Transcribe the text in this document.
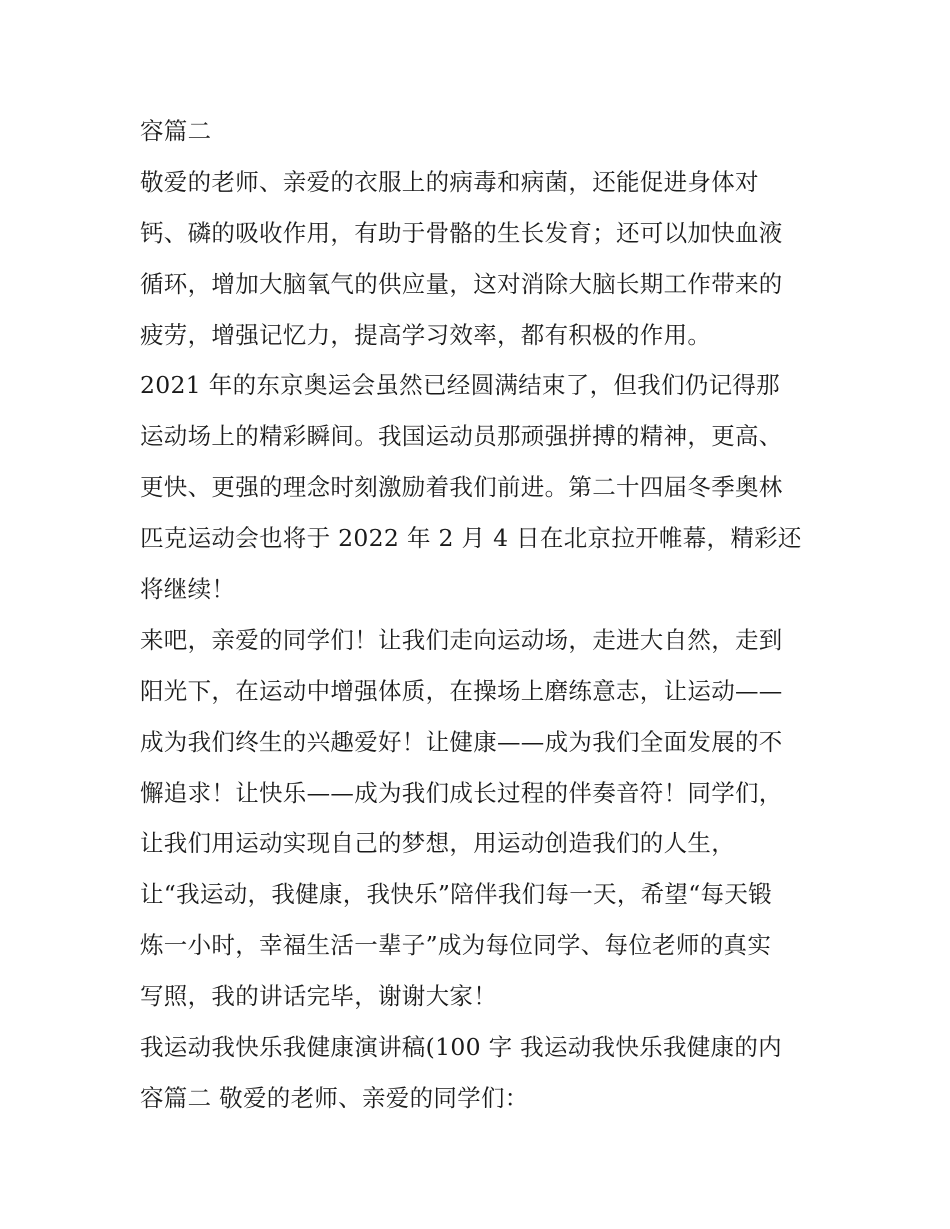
容篇二
敬爱的老师、亲爱的衣服上的病毒和病菌，还能促进身体对
钙、磷的吸收作用，有助于骨骼的生长发育；还可以加快血液
循环，增加大脑氧气的供应量，这对消除大脑长期工作带来的
疲劳，增强记忆力，提高学习效率，都有积极的作用。
2021 年的东京奥运会虽然已经圆满结束了，但我们仍记得那
运动场上的精彩瞬间。我国运动员那顽强拼搏的精神，更高、
更快、更强的理念时刻激励着我们前进。第二十四届冬季奥林
匹克运动会也将于 2022 年 2 月 4 日在北京拉开帷幕，精彩还
将继续！
来吧，亲爱的同学们！让我们走向运动场，走进大自然，走到
阳光下，在运动中增强体质，在操场上磨练意志，让运动——
成为我们终生的兴趣爱好！让健康——成为我们全面发展的不
懈追求！让快乐——成为我们成长过程的伴奏音符！同学们，
让我们用运动实现自己的梦想，用运动创造我们的人生，
让“我运动，我健康，我快乐”陪伴我们每一天，希望“每天锻
炼一小时，幸福生活一辈子”成为每位同学、每位老师的真实
写照，我的讲话完毕，谢谢大家！
我运动我快乐我健康演讲稿(100 字 我运动我快乐我健康的内
容篇二 敬爱的老师、亲爱的同学们：
